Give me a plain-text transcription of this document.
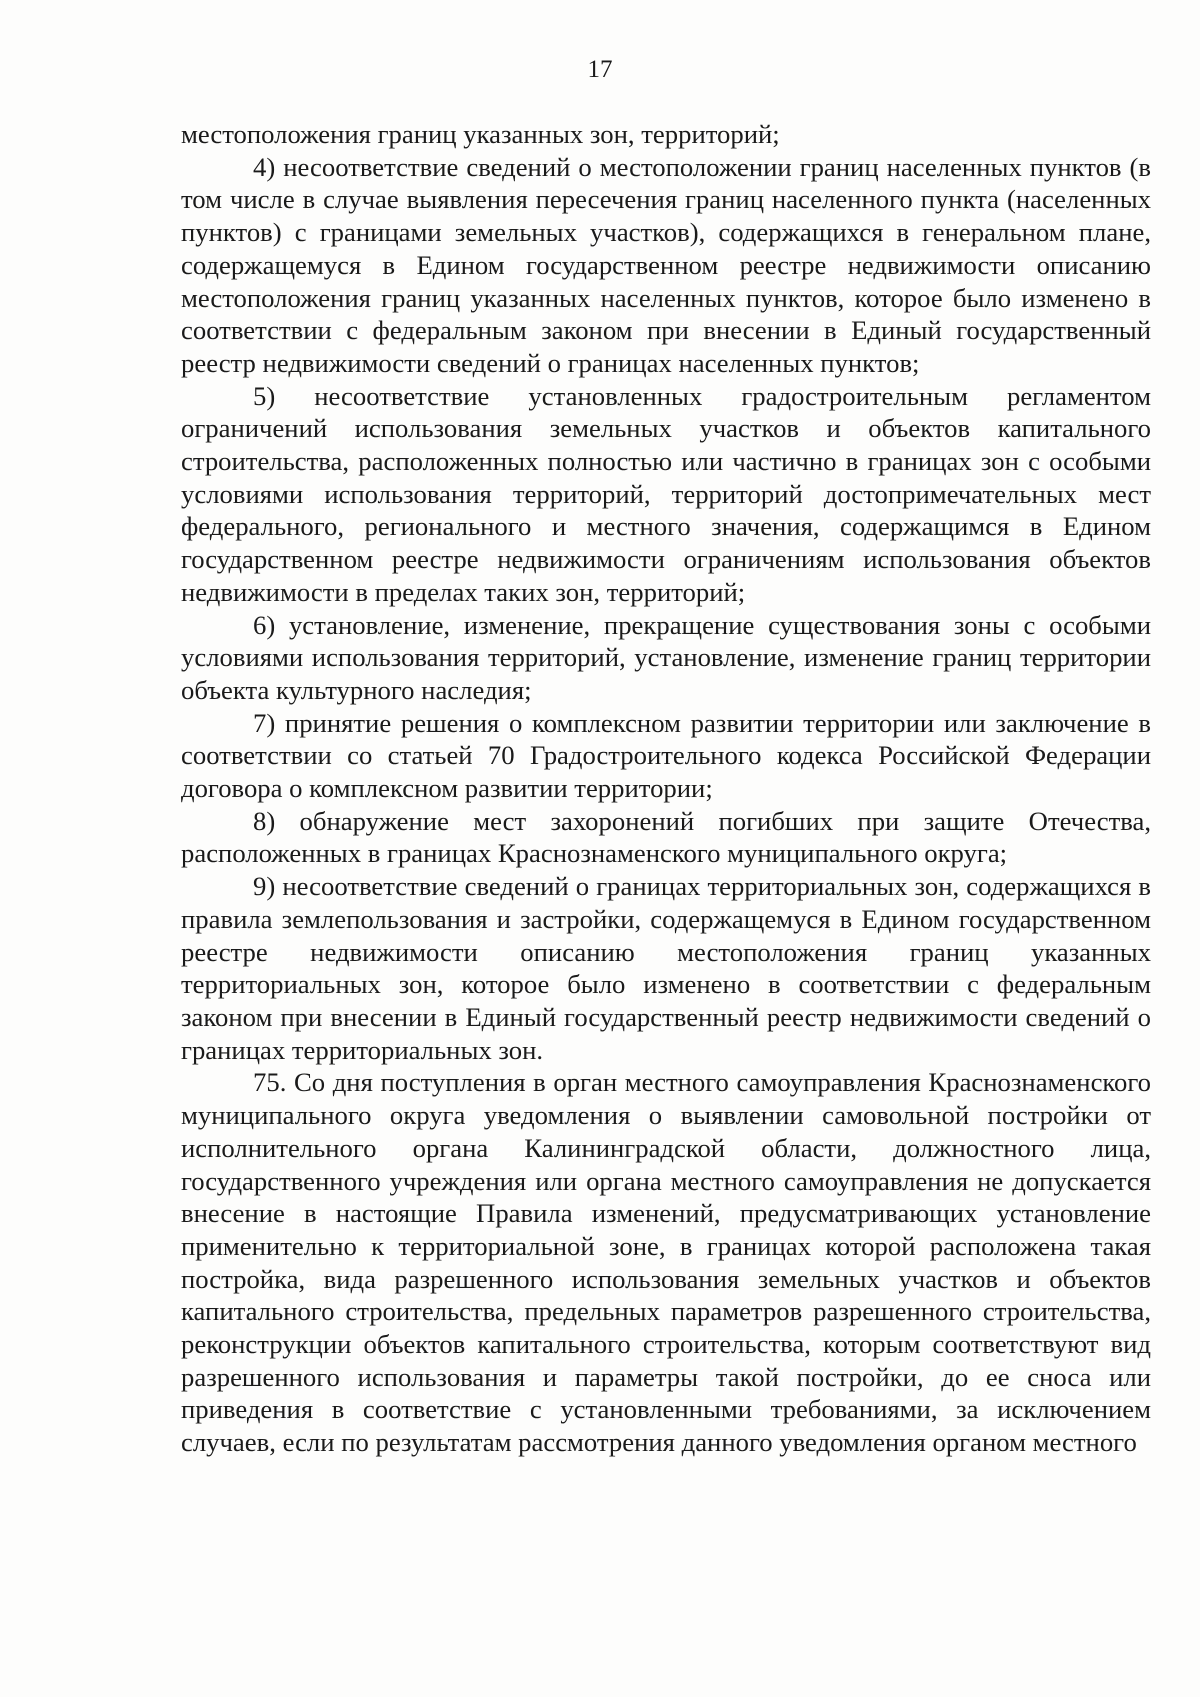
17

местоположения границ указанных зон, территорий;

4) несоответствие сведений о местоположении границ населенных пунктов (в том числе в случае выявления пересечения границ населенного пункта (населенных пунктов) с границами земельных участков), содержащихся в генеральном плане, содержащемуся в Едином государственном реестре недвижимости описанию местоположения границ указанных населенных пунктов, которое было изменено в соответствии с федеральным законом при внесении в Единый государственный реестр недвижимости сведений о границах населенных пунктов;

5) несоответствие установленных градостроительным регламентом ограничений использования земельных участков и объектов капитального строительства, расположенных полностью или частично в границах зон с особыми условиями использования территорий, территорий достопримечательных мест федерального, регионального и местного значения, содержащимся в Едином государственном реестре недвижимости ограничениям использования объектов недвижимости в пределах таких зон, территорий;

6) установление, изменение, прекращение существования зоны с особыми условиями использования территорий, установление, изменение границ территории объекта культурного наследия;

7) принятие решения о комплексном развитии территории или заключение в соответствии со статьей 70 Градостроительного кодекса Российской Федерации договора о комплексном развитии территории;

8) обнаружение мест захоронений погибших при защите Отечества, расположенных в границах Краснознаменского муниципального округа;

9) несоответствие сведений о границах территориальных зон, содержащихся в правила землепользования и застройки, содержащемуся в Едином государственном реестре недвижимости описанию местоположения границ указанных территориальных зон, которое было изменено в соответствии с федеральным законом при внесении в Единый государственный реестр недвижимости сведений о границах территориальных зон.

75. Со дня поступления в орган местного самоуправления Краснознаменского муниципального округа уведомления о выявлении самовольной постройки от исполнительного органа Калининградской области, должностного лица, государственного учреждения или органа местного самоуправления не допускается внесение в настоящие Правила изменений, предусматривающих установление применительно к территориальной зоне, в границах которой расположена такая постройка, вида разрешенного использования земельных участков и объектов капитального строительства, предельных параметров разрешенного строительства, реконструкции объектов капитального строительства, которым соответствуют вид разрешенного использования и параметры такой постройки, до ее сноса или приведения в соответствие с установленными требованиями, за исключением случаев, если по результатам рассмотрения данного уведомления органом местного
